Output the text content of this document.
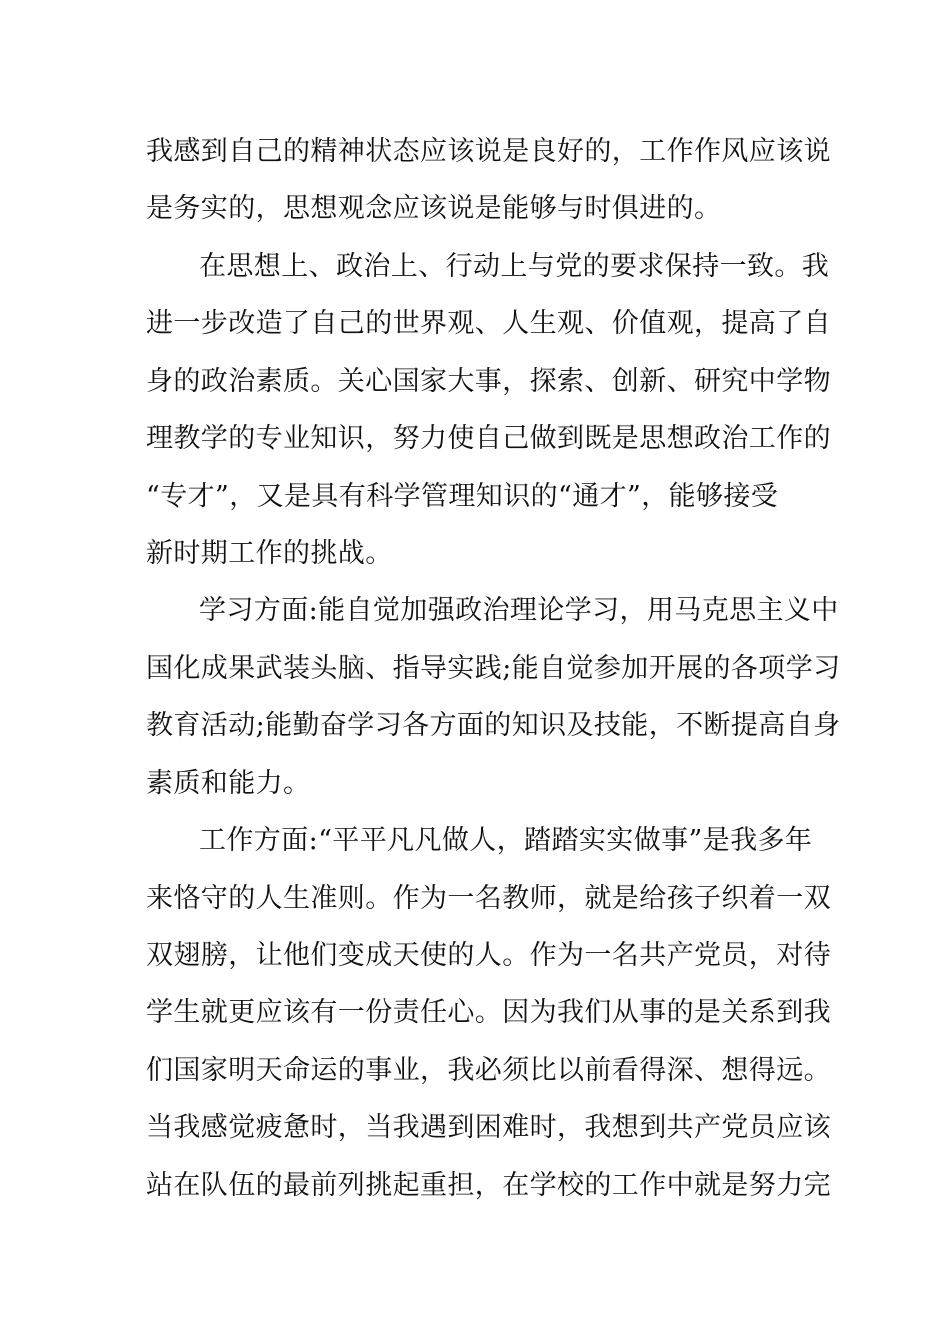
我感到自己的精神状态应该说是良好的，工作作风应该说
是务实的，思想观念应该说是能够与时俱进的。
在思想上、政治上、行动上与党的要求保持一致。我
进一步改造了自己的世界观、人生观、价值观，提高了自
身的政治素质。关心国家大事，探索、创新、研究中学物
理教学的专业知识，努力使自己做到既是思想政治工作的
“专才”，又是具有科学管理知识的“通才”，能够接受
新时期工作的挑战。
学习方面:能自觉加强政治理论学习，用马克思主义中
国化成果武装头脑、指导实践;能自觉参加开展的各项学习
教育活动;能勤奋学习各方面的知识及技能，不断提高自身
素质和能力。
工作方面:“平平凡凡做人，踏踏实实做事”是我多年
来恪守的人生准则。作为一名教师，就是给孩子织着一双
双翅膀，让他们变成天使的人。作为一名共产党员，对待
学生就更应该有一份责任心。因为我们从事的是关系到我
们国家明天命运的事业，我必须比以前看得深、想得远。
当我感觉疲惫时，当我遇到困难时，我想到共产党员应该
站在队伍的最前列挑起重担，在学校的工作中就是努力完
